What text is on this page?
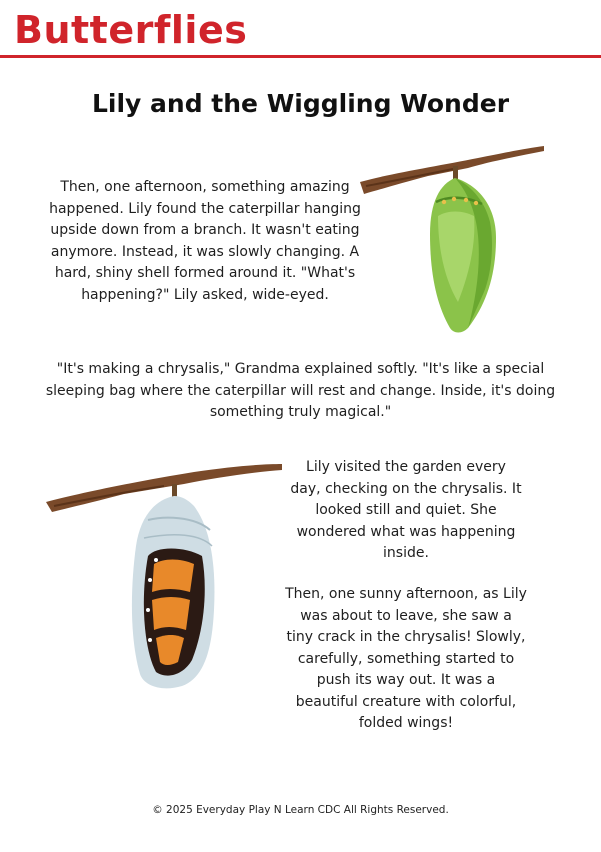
Butterflies
Lily and the Wiggling Wonder

Then, one afternoon, something amazing happened. Lily found the caterpillar hanging upside down from a branch. It wasn't eating anymore. Instead, it was slowly changing. A hard, shiny shell formed around it. "What's happening?" Lily asked, wide-eyed.

"It's making a chrysalis," Grandma explained softly. "It's like a special sleeping bag where the caterpillar will rest and change. Inside, it's doing something truly magical."

Lily visited the garden every day, checking on the chrysalis. It looked still and quiet. She wondered what was happening inside.

Then, one sunny afternoon, as Lily was about to leave, she saw a tiny crack in the chrysalis! Slowly, carefully, something started to push its way out. It was a beautiful creature with colorful, folded wings!

© 2025 Everyday Play N Learn CDC All Rights Reserved.
